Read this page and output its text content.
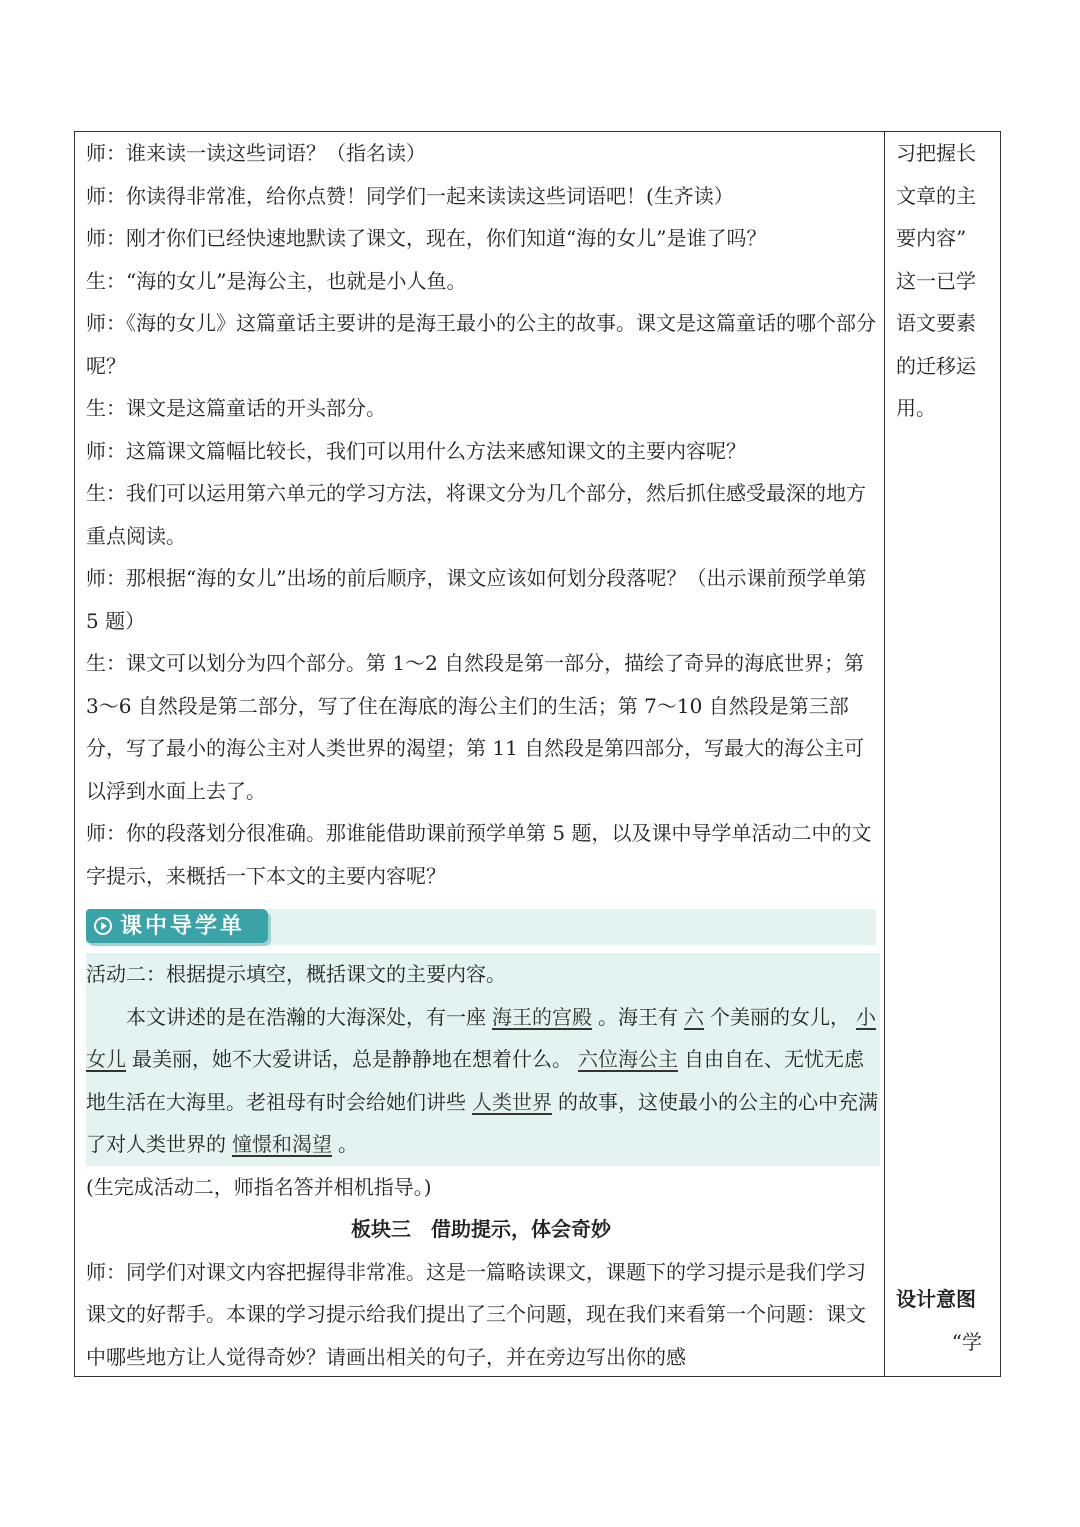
师：谁来读一读这些词语？（指名读）

师：你读得非常准，给你点赞！同学们一起来读读这些词语吧！(生齐读）

师：刚才你们已经快速地默读了课文，现在，你们知道“海的女儿”是谁了吗？

生：“海的女儿”是海公主，也就是小人鱼。

师：《海的女儿》这篇童话主要讲的是海王最小的公主的故事。课文是这篇童话的哪个部分呢？

生：课文是这篇童话的开头部分。

师：这篇课文篇幅比较长，我们可以用什么方法来感知课文的主要内容呢？

生：我们可以运用第六单元的学习方法，将课文分为几个部分，然后抓住感受最深的地方重点阅读。

师：那根据“海的女儿”出场的前后顺序，课文应该如何划分段落呢？（出示课前预学单第 5 题）

生：课文可以划分为四个部分。第 1～2 自然段是第一部分，描绘了奇异的海底世界；第 3～6 自然段是第二部分，写了住在海底的海公主们的生活；第 7～10 自然段是第三部分，写了最小的海公主对人类世界的渴望；第 11 自然段是第四部分，写最大的海公主可以浮到水面上去了。

师：你的段落划分很准确。那谁能借助课前预学单第 5 题，以及课中导学单活动二中的文字提示，来概括一下本文的主要内容呢？

课中导学单

活动二：根据提示填空，概括课文的主要内容。

本文讲述的是在浩瀚的大海深处，有一座 海王的宫殿 。海王有 六 个美丽的女儿， 小女儿 最美丽，她不大爱讲话，总是静静地在想着什么。 六位海公主 自由自在、无忧无虑地生活在大海里。老祖母有时会给她们讲些 人类世界 的故事，这使最小的公主的心中充满了对人类世界的 憧憬和渴望 。

(生完成活动二，师指名答并相机指导。)

板块三　借助提示，体会奇妙

师：同学们对课文内容把握得非常准。这是一篇略读课文，课题下的学习提示是我们学习课文的好帮手。本课的学习提示给我们提出了三个问题，现在我们来看第一个问题：课文中哪些地方让人觉得奇妙？请画出相关的句子，并在旁边写出你的感

习把握长

文章的主

要内容”

这一已学

语文要素

的迁移运

用。

设计意图

“学
